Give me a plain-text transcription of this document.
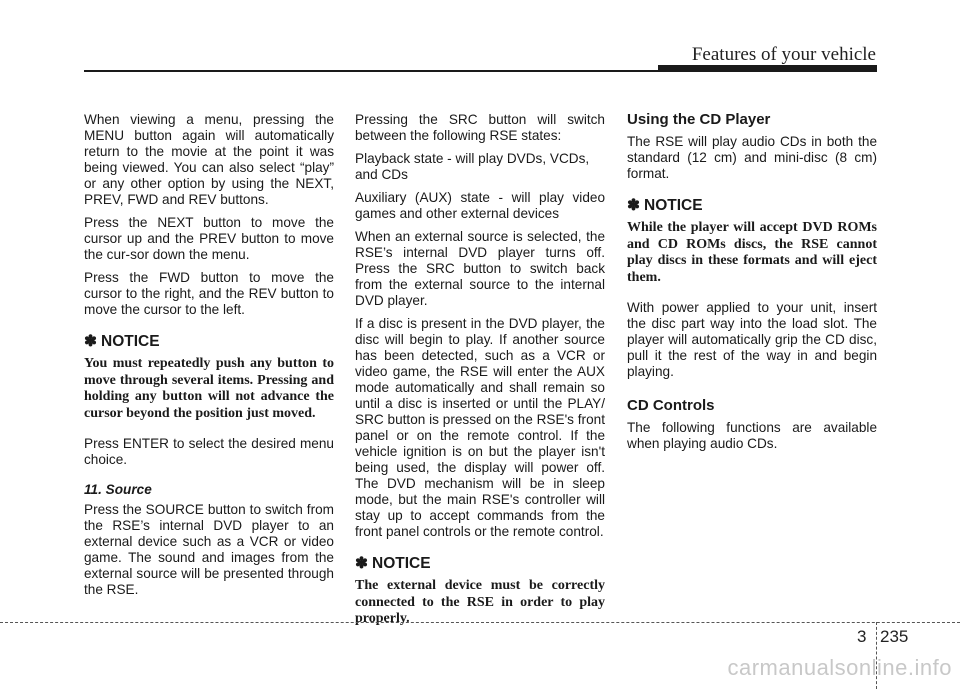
Features of your vehicle

When viewing a menu, pressing the MENU button again will automatically return to the movie at the point it was being viewed. You can also select “play” or any other option by using the NEXT, PREV, FWD and REV buttons.

Press the NEXT button to move the cursor up and the PREV button to move the cur-sor down the menu.

Press the FWD button to move the cursor to the right, and the REV button to move the cursor to the left.

✽ NOTICE
You must repeatedly push any button to move through several items. Pressing and holding any button will not advance the cursor beyond the position just moved.

Press ENTER to select the desired menu choice.

11. Source

Press the SOURCE button to switch from the RSE’s internal DVD player to an external device such as a VCR or video game. The sound and images from the external source will be presented through the RSE.

Pressing the SRC button will switch between the following RSE states:

Playback state - will play DVDs, VCDs, and CDs

Auxiliary (AUX) state - will play video games and other external devices

When an external source is selected, the RSE’s internal DVD player turns off. Press the SRC button to switch back from the external source to the internal DVD player.

If a disc is present in the DVD player, the disc will begin to play. If another source has been detected, such as a VCR or video game, the RSE will enter the AUX mode automatically and shall remain so until a disc is inserted or until the PLAY/ SRC button is pressed on the RSE's front panel or on the remote control. If the vehicle ignition is on but the player isn't being used, the display will power off. The DVD mechanism will be in sleep mode, but the main RSE's controller will stay up to accept commands from the front panel controls or the remote control.

✽ NOTICE
The external device must be correctly connected to the RSE in order to play properly.
Using the CD Player

The RSE will play audio CDs in both the standard (12 cm) and mini-disc (8 cm) format.

✽ NOTICE
While the player will accept DVD ROMs and CD ROMs discs, the RSE cannot play discs in these formats and will eject them.

With power applied to your unit, insert the disc part way into the load slot. The player will automatically grip the CD disc, pull it the rest of the way in and begin playing.

CD Controls

The following functions are available when playing audio CDs.

3 235
carmanualsonline.info
